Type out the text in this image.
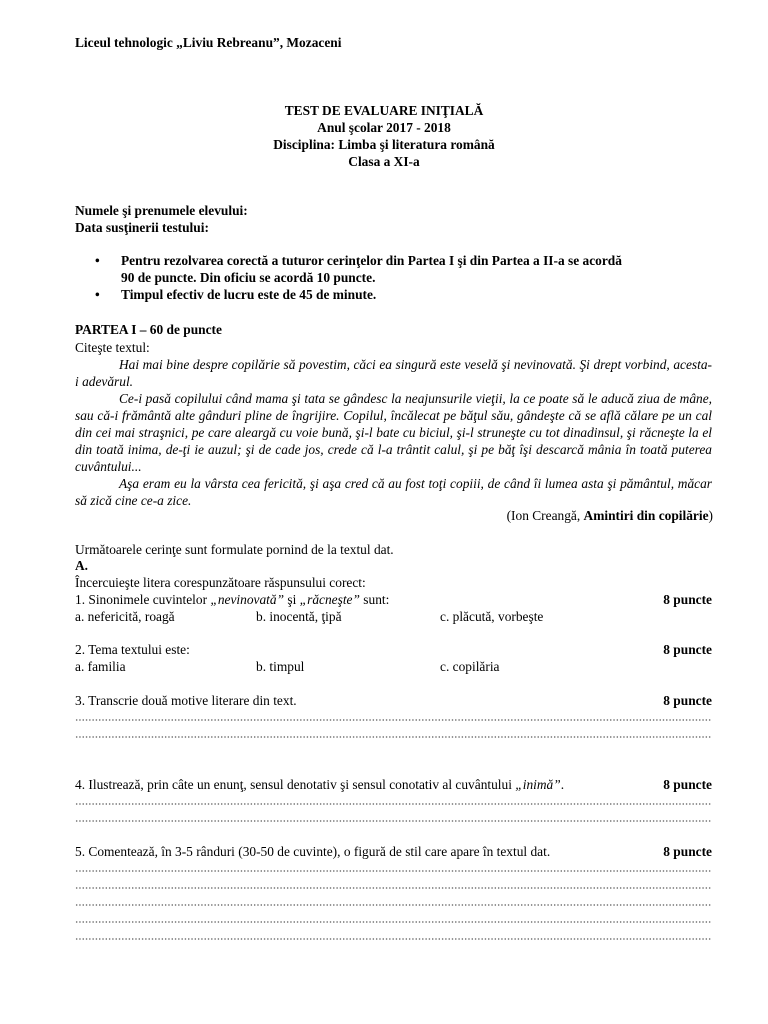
Liceul tehnologic „Liviu Rebreanu”, Mozaceni
TEST DE EVALUARE INIŢIALĂ
Anul şcolar 2017 - 2018
Disciplina: Limba şi literatura română
Clasa a XI-a
Numele şi prenumele elevului:
Data susţinerii testului:
• Pentru rezolvarea corectă a tuturor cerinţelor din Partea I şi din Partea a II-a se acordă
90 de puncte. Din oficiu se acordă 10 puncte.
• Timpul efectiv de lucru este de 45 de minute.
PARTEA I – 60 de puncte

Citeşte textul:

Hai mai bine despre copilărie să povestim, căci ea singură este veselă şi nevinovată. Şi drept vorbind, acesta-i adevărul.

Ce-i pasă copilului când mama şi tata se gândesc la neajunsurile vieţii, la ce poate să le aducă ziua de mâne, sau că-i frământă alte gânduri pline de îngrijire. Copilul, încălecat pe băţul său, gândeşte că se află călare pe un cal din cei mai straşnici, pe care aleargă cu voie bună, şi-l bate cu biciul, şi-l struneşte cu tot dinadinsul, şi răcneşte la el din toată inima, de-ţi ie auzul; şi de cade jos, crede că l-a trântit calul, şi pe băţ îşi descarcă mânia în toată puterea cuvântului...

Aşa eram eu la vârsta cea fericită, şi aşa cred că au fost toţi copiii, de când îi lumea asta şi pământul, măcar să zică cine ce-a zice.

(Ion Creangă, Amintiri din copilărie)
Următoarele cerinţe sunt formulate pornind de la textul dat.
A.
Încercuieşte litera corespunzătoare răspunsului corect:
1. Sinonimele cuvintelor „nevinovată” şi „răcneşte” sunt:	8 puncte
a. nefericită, roagă	b. inocentă, ţipă	c. plăcută, vorbeşte
2. Tema textului este:	8 puncte
a. familia	b. timpul	c. copilăria
3. Transcrie două motive literare din text.	8 puncte
4. Ilustrează, prin câte un enunţ, sensul denotativ şi sensul conotativ al cuvântului „inimă”.	8 puncte
5. Comentează, în 3-5 rânduri (30-50 de cuvinte), o figură de stil care apare în textul dat.	8 puncte
